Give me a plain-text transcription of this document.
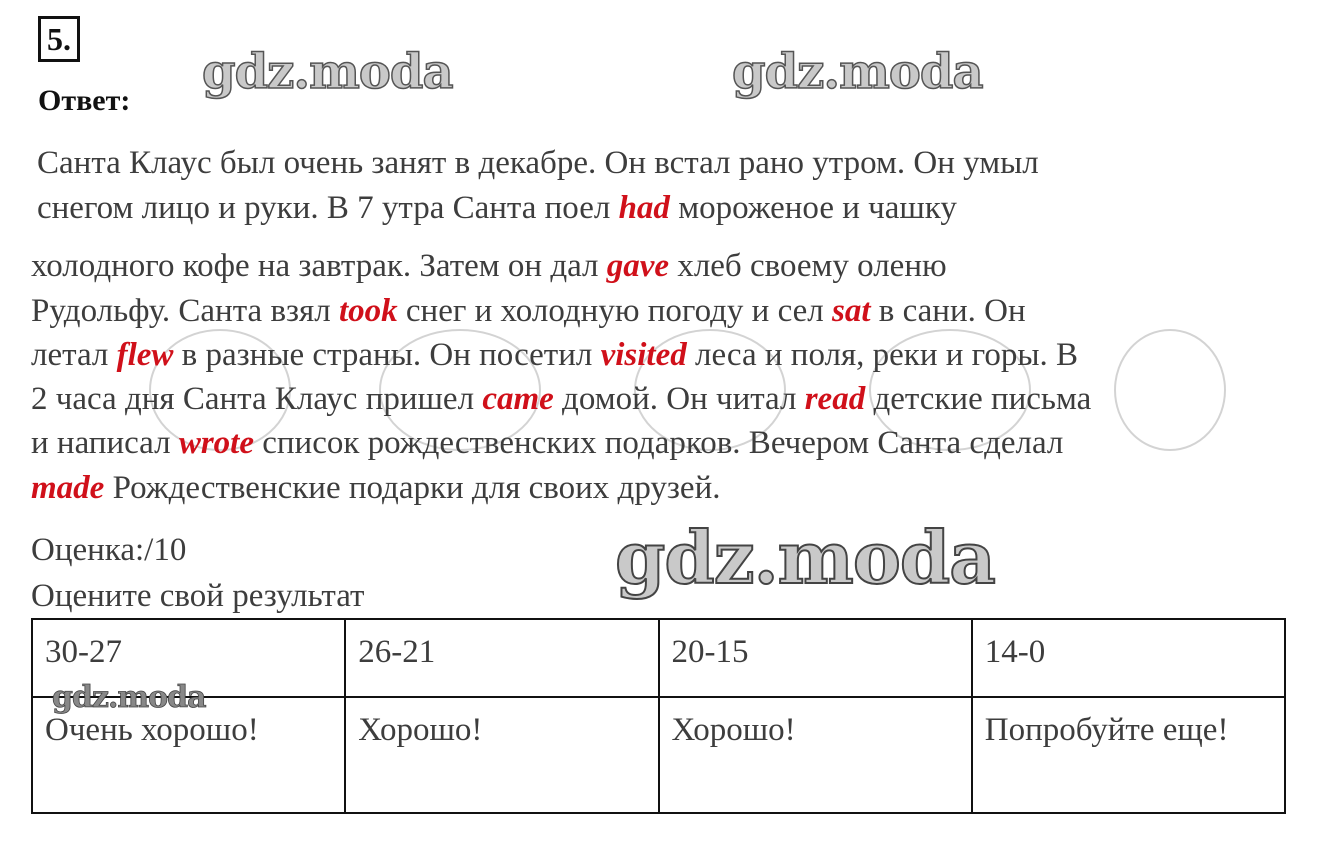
5.
Ответ:
gdz.moda	gdz.moda
Санта Клаус был очень занят в декабре. Он встал рано утром. Он умыл
снегом лицо и руки. В 7 утра Санта поел had мороженое и чашку
холодного кофе на завтрак. Затем он дал gave хлеб своему оленю
Рудольфу. Санта взял took снег и холодную погоду и сел sat в сани. Он
летал flew в разные страны. Он посетил visited леса и поля, реки и горы. В
2 часа дня Санта Клаус пришел came домой. Он читал read детские письма
и написал wrote список рождественских подарков. Вечером Санта сделал
made Рождественские подарки для своих друзей.
Оценка:/10
Оцените свой результат	gdz.moda
30-27	26-21	20-15	14-0
Очень хорошо!	Хорошо!	Хорошо!	Попробуйте еще!
gdz.moda
